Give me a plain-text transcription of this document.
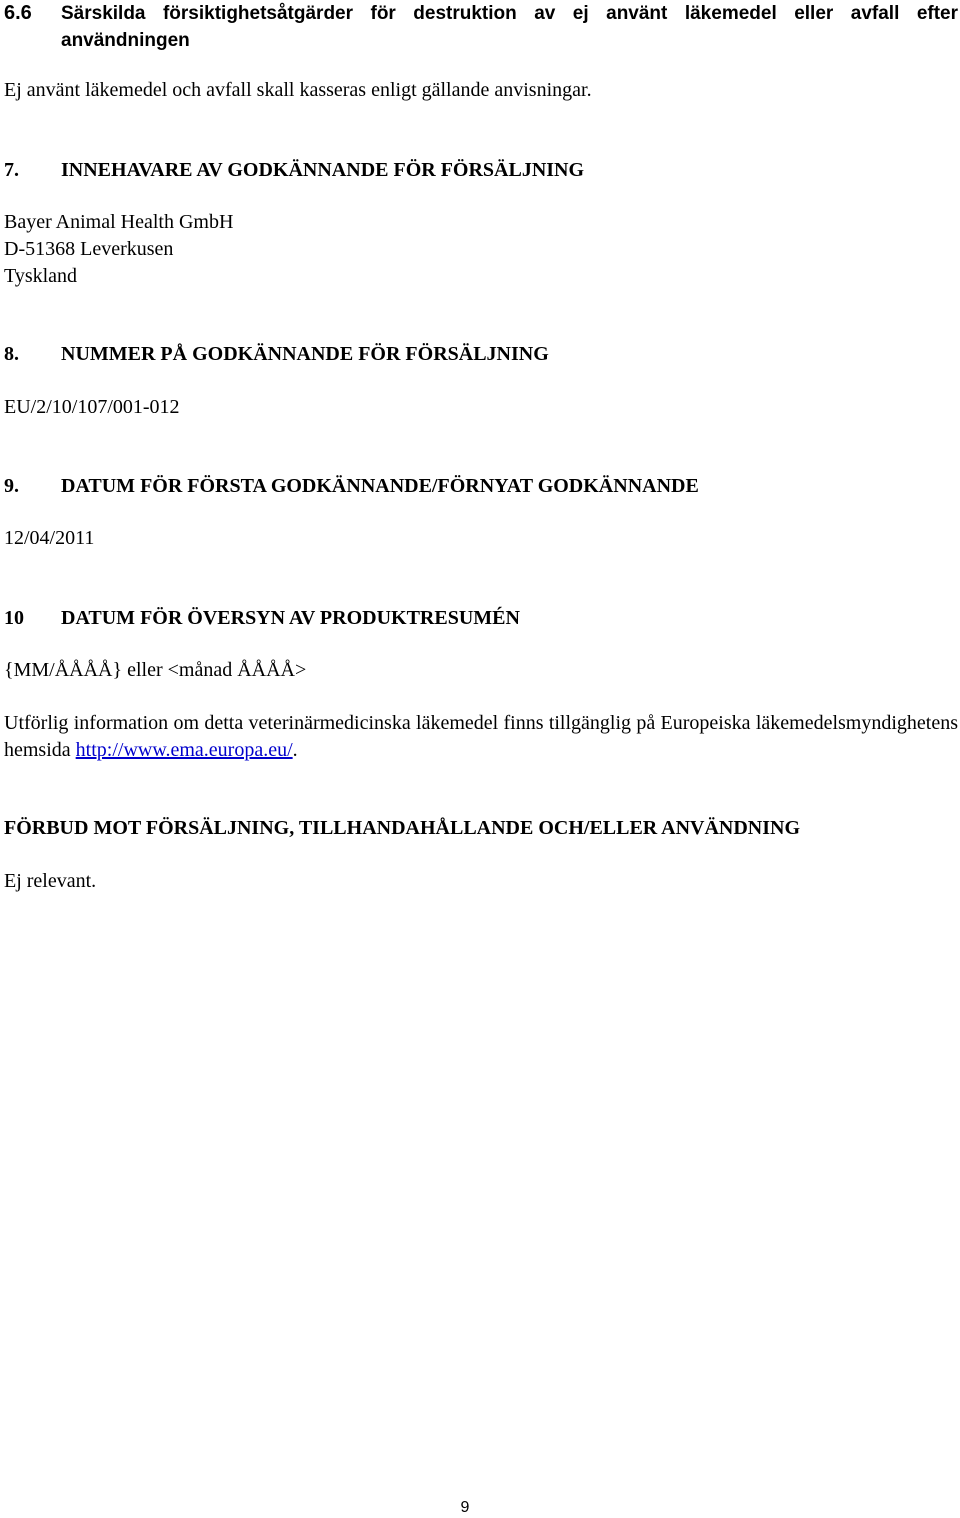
6.6	Särskilda försiktighetsåtgärder för destruktion av ej använt läkemedel eller avfall efter användningen
Ej använt läkemedel och avfall skall kasseras enligt gällande anvisningar.
7.	INNEHAVARE AV GODKÄNNANDE FÖR FÖRSÄLJNING
Bayer Animal Health GmbH
D-51368 Leverkusen
Tyskland
8.	NUMMER PÅ GODKÄNNANDE FÖR FÖRSÄLJNING
EU/2/10/107/001-012
9.	DATUM FÖR FÖRSTA GODKÄNNANDE/FÖRNYAT GODKÄNNANDE
12/04/2011
10	DATUM FÖR ÖVERSYN AV PRODUKTRESUMÉN
{MM/ÅÅÅÅ} eller <månad ÅÅÅÅ>
Utförlig information om detta veterinärmedicinska läkemedel finns tillgänglig på Europeiska läkemedelsmyndighetens hemsida http://www.ema.europa.eu/.
FÖRBUD MOT FÖRSÄLJNING, TILLHANDAHÅLLANDE OCH/ELLER ANVÄNDNING
Ej relevant.
9
